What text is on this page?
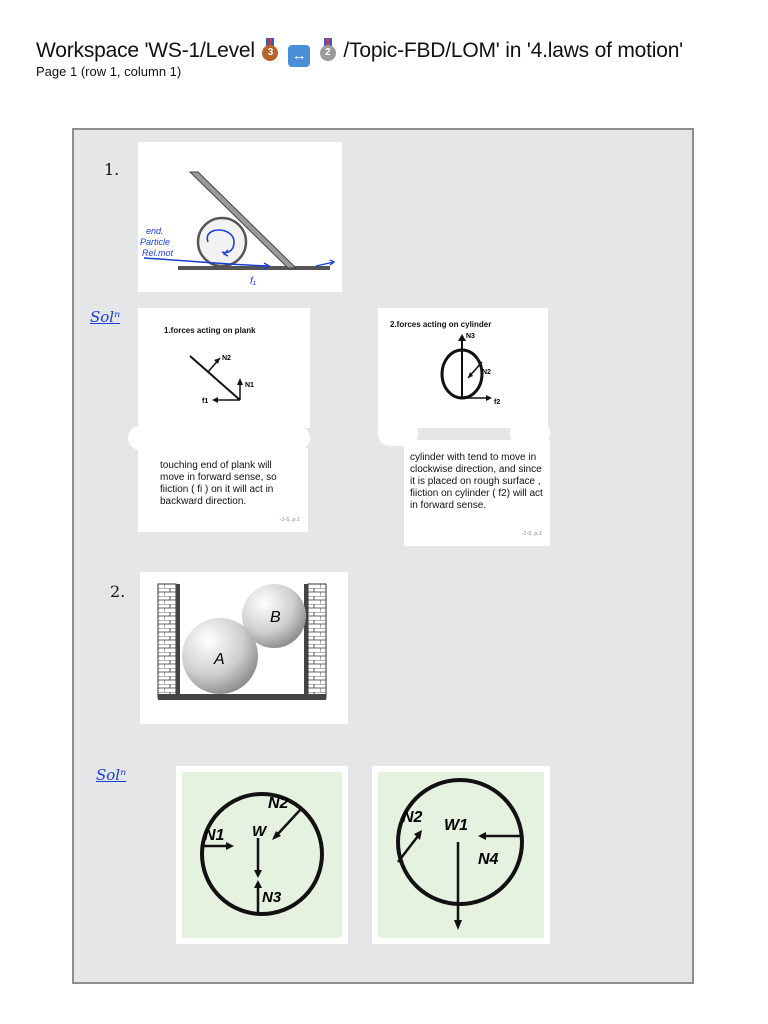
Workspace 'WS-1/Level	3	↔	2 /Topic-FBD/LOM' in '4.laws of motion'
Page 1 (row 1, column 1)
1.
end.
Particle
Rel.mot
f₁
Solⁿ
1.forces acting on plank
N2
N1
f1
touching end of plank will move in forward sense, so fiiction ( fi ) on it will act in backward direction.
-1-6, p.1
2.forces acting on cylinder
N3
N2
f2
cylinder with tend to move in clockwise direction, and since it is placed on rough surface , fiiction on cylinder ( f2) will act in forward sense.
-1-6, p.1
2.
A
B
Solⁿ
N1
N2
W
N3
N2 W1
N4
